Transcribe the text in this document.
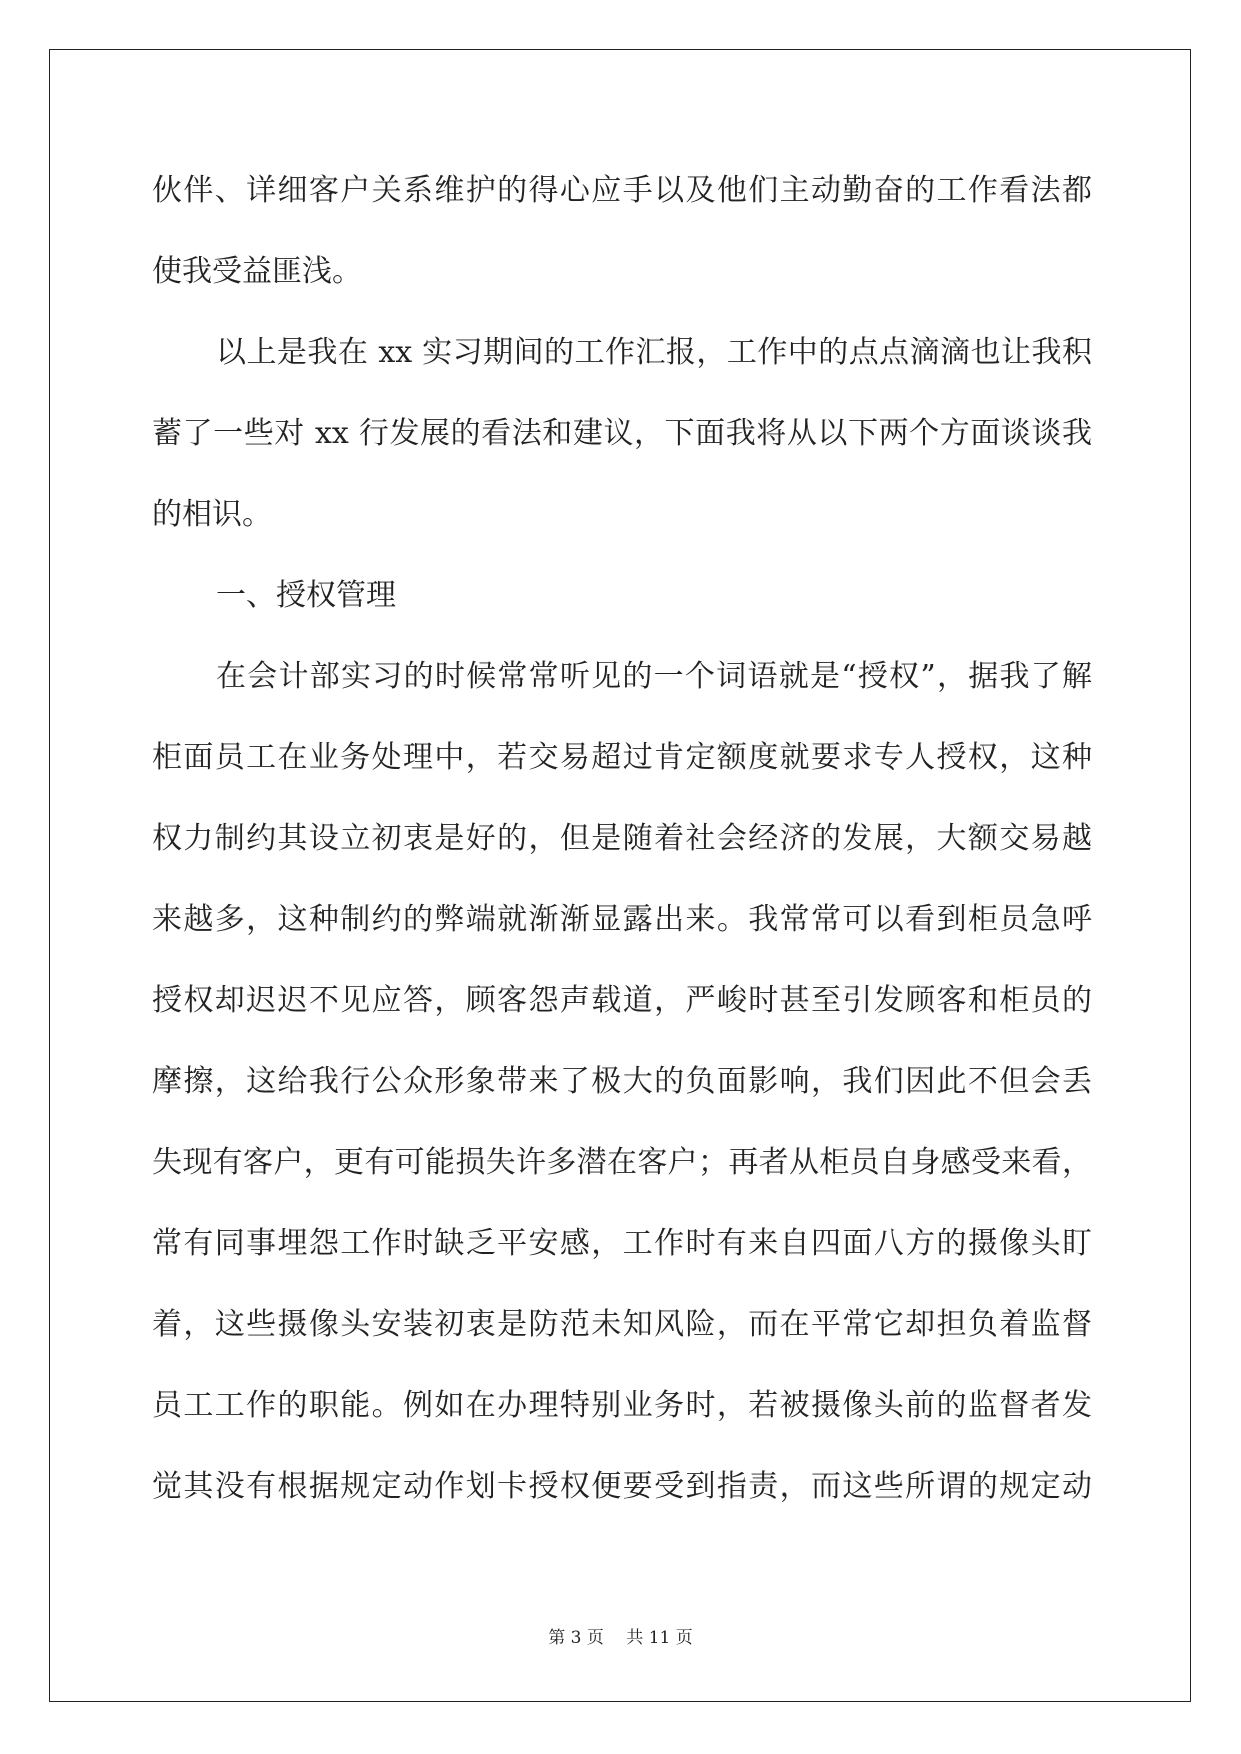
伙伴、详细客户关系维护的得心应手以及他们主动勤奋的工作看法都
使我受益匪浅。
以上是我在 xx 实习期间的工作汇报，工作中的点点滴滴也让我积
蓄了一些对 xx 行发展的看法和建议，下面我将从以下两个方面谈谈我
的相识。
一、授权管理
在会计部实习的时候常常听见的一个词语就是“授权”，据我了解
柜面员工在业务处理中，若交易超过肯定额度就要求专人授权，这种
权力制约其设立初衷是好的，但是随着社会经济的发展，大额交易越
来越多，这种制约的弊端就渐渐显露出来。我常常可以看到柜员急呼
授权却迟迟不见应答，顾客怨声载道，严峻时甚至引发顾客和柜员的
摩擦，这给我行公众形象带来了极大的负面影响，我们因此不但会丢
失现有客户，更有可能损失许多潜在客户；再者从柜员自身感受来看，
常有同事埋怨工作时缺乏平安感，工作时有来自四面八方的摄像头盯
着，这些摄像头安装初衷是防范未知风险，而在平常它却担负着监督
员工工作的职能。例如在办理特别业务时，若被摄像头前的监督者发
觉其没有根据规定动作划卡授权便要受到指责，而这些所谓的规定动
第 3 页　 共 11 页
